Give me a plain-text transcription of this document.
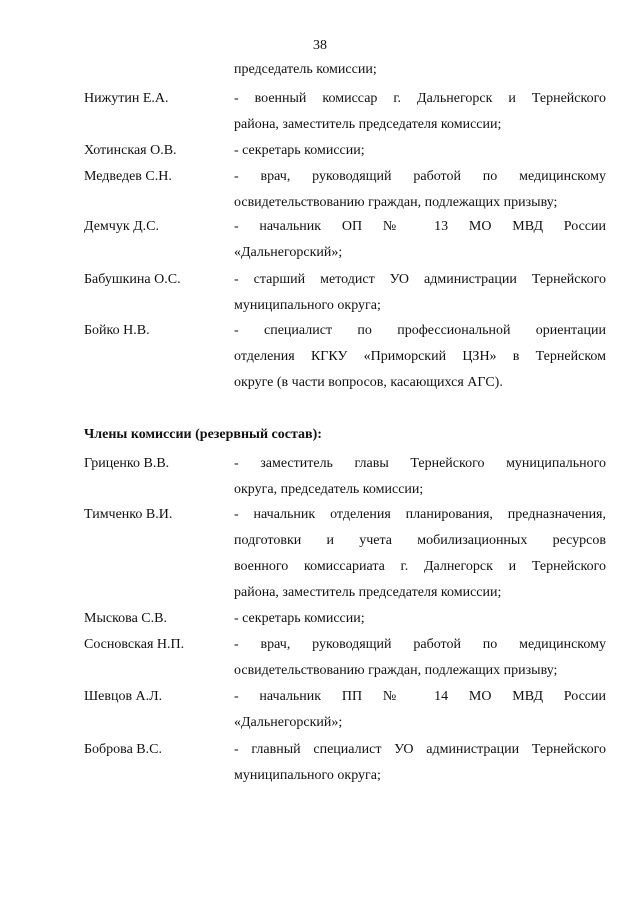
38
председатель комиссии;
Нижутин Е.А.	- военный комиссар г. Дальнегорск и Тернейского
района, заместитель председателя комиссии;
Хотинская О.В.	- секретарь комиссии;
Медведев С.Н.	- врач, руководящий работой по медицинскому
освидетельствованию граждан, подлежащих призыву;
Демчук Д.С.	- начальник ОП № 13 МО МВД России
«Дальнегорский»;
Бабушкина О.С.	- старший методист УО администрации Тернейского
муниципального округа;
Бойко Н.В.	- специалист по профессиональной ориентации
отделения КГКУ «Приморский ЦЗН» в Тернейском
округе (в части вопросов, касающихся АГС).
Члены комиссии (резервный состав):
Гриценко В.В.	- заместитель главы Тернейского муниципального
округа, председатель комиссии;
Тимченко В.И.	- начальник отделения планирования, предназначения,
подготовки и учета мобилизационных ресурсов
военного комиссариата г. Далнегорск и Тернейского
района, заместитель председателя комиссии;
Мыскова С.В.	- секретарь комиссии;
Сосновская Н.П.	- врач, руководящий работой по медицинскому
освидетельствованию граждан, подлежащих призыву;
Шевцов А.Л.	- начальник ПП № 14 МО МВД России
«Дальнегорский»;
Боброва В.С.	- главный специалист УО администрации Тернейского
муниципального округа;
